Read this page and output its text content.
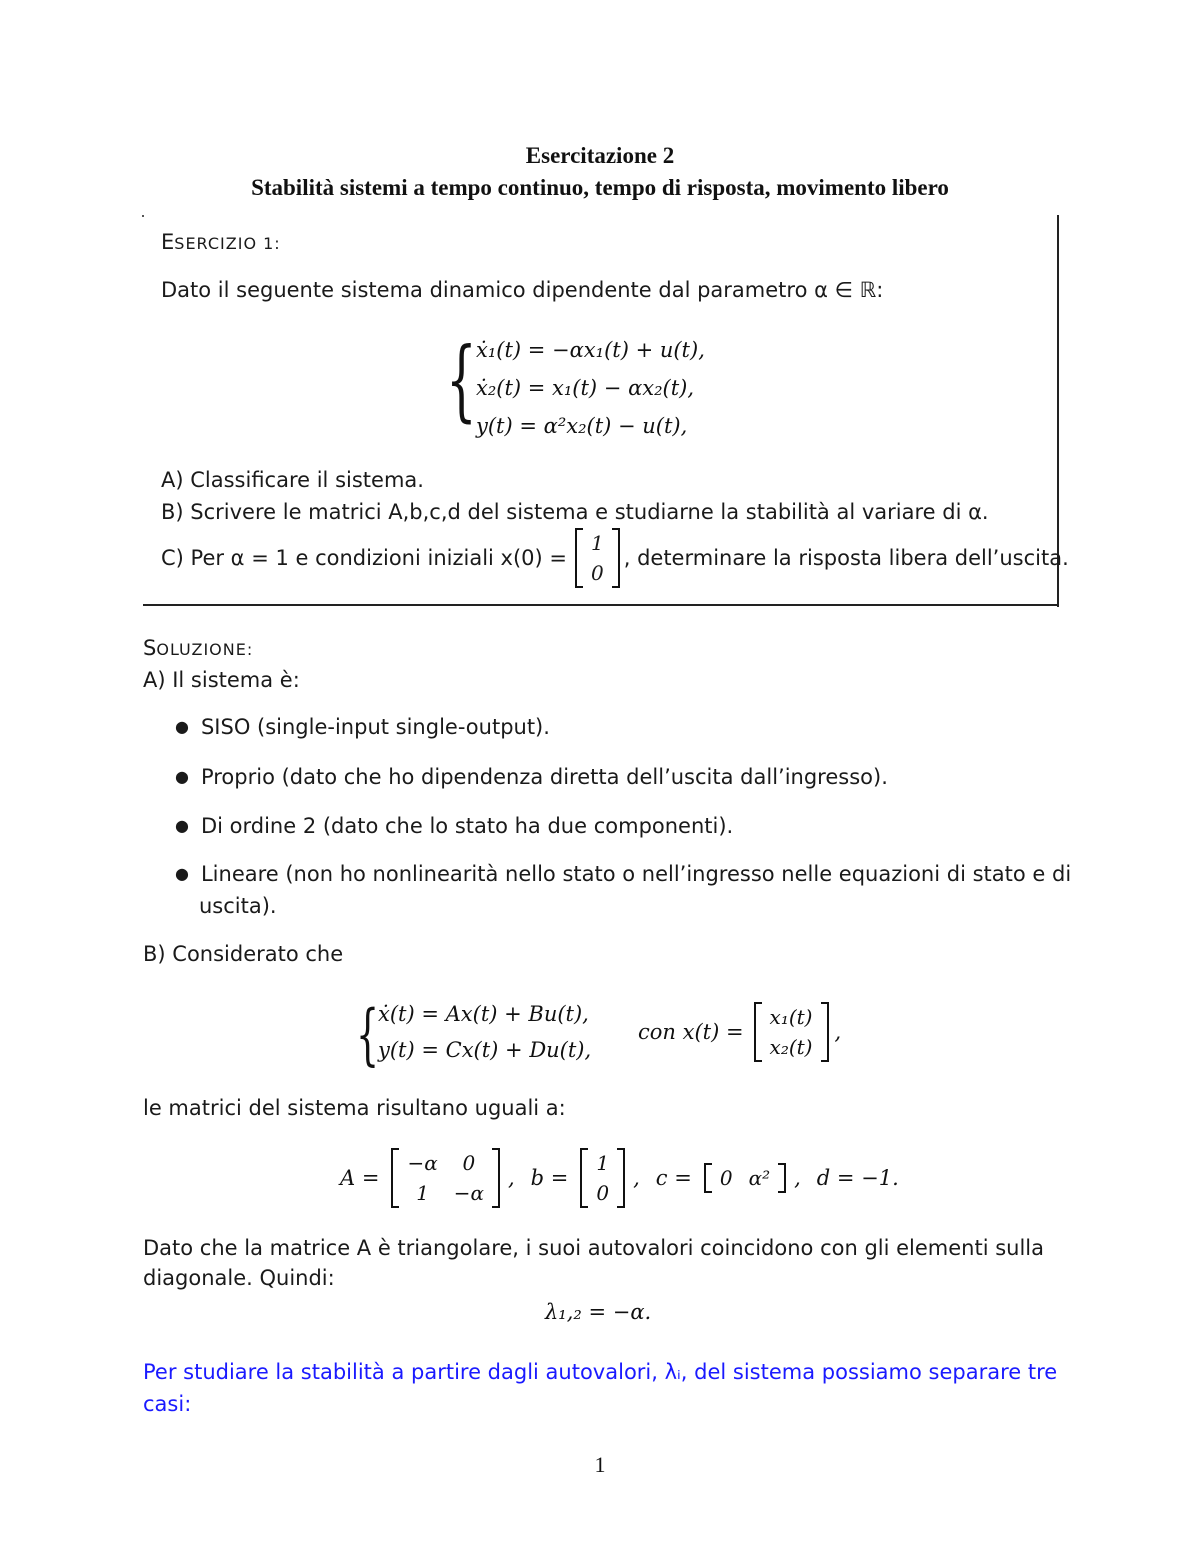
Esercitazione 2
Stabilità sistemi a tempo continuo, tempo di risposta, movimento libero
ESERCIZIO 1:
Dato il seguente sistema dinamico dipendente dal parametro α ∈ ℝ:
{ ẋ₁(t) = −αx₁(t) + u(t),
ẋ₂(t) = x₁(t) − αx₂(t),
y(t) = α²x₂(t) − u(t),
A) Classificare il sistema.
B) Scrivere le matrici A,b,c,d del sistema e studiarne la stabilità al variare di α.
C) Per α = 1 e condizioni iniziali x(0) =
1
0
, determinare la risposta libera dell’uscita.
SOLUZIONE:
A) Il sistema è:
● SISO (single-input single-output).
● Proprio (dato che ho dipendenza diretta dell’uscita dall’ingresso).
● Di ordine 2 (dato che lo stato ha due componenti).
● Lineare (non ho nonlinearità nello stato o nell’ingresso nelle equazioni di stato e di
uscita).
B) Considerato che
{
ẋ(t) = Ax(t) + Bu(t),
y(t) = Cx(t) + Du(t),
con x(t) =
x₁(t)
x₂(t)
,
le matrici del sistema risultano uguali a:
A =
−α	0
1	−α
, b =
1
0
, c = 0	α² , d = −1.
Dato che la matrice A è triangolare, i suoi autovalori coincidono con gli elementi sulla
diagonale. Quindi:
λ₁,₂ = −α.
Per studiare la stabilità a partire dagli autovalori, λᵢ, del sistema possiamo separare tre
casi:
1
